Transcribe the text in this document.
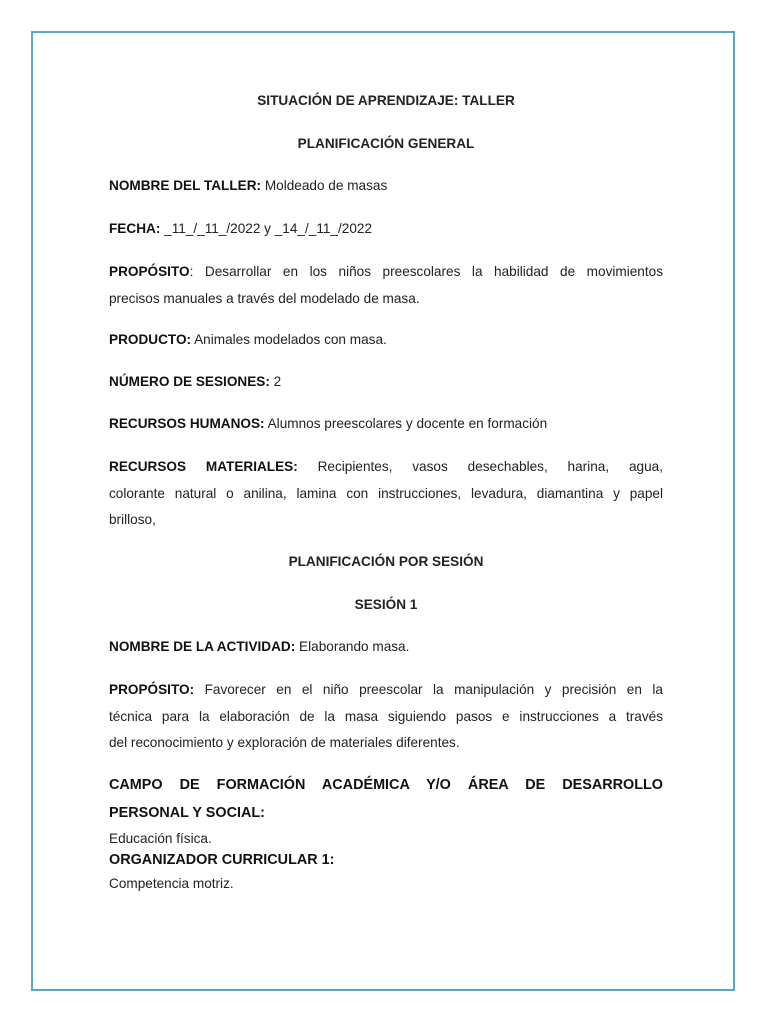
SITUACIÓN DE APRENDIZAJE: TALLER
PLANIFICACIÓN GENERAL
NOMBRE DEL TALLER: Moldeado de masas
FECHA: _11_/_11_/2022 y _14_/_11_/2022
PROPÓSITO: Desarrollar en los niños preescolares la habilidad de movimientos
precisos manuales a través del modelado de masa.
PRODUCTO: Animales modelados con masa.
NÚMERO DE SESIONES: 2
RECURSOS HUMANOS: Alumnos preescolares y docente en formación
RECURSOS MATERIALES: Recipientes, vasos desechables, harina, agua,
colorante natural o anilina, lamina con instrucciones, levadura, diamantina y papel
brilloso,
PLANIFICACIÓN POR SESIÓN
SESIÓN 1
NOMBRE DE LA ACTIVIDAD: Elaborando masa.
PROPÓSITO: Favorecer en el niño preescolar la manipulación y precisión en la
técnica para la elaboración de la masa siguiendo pasos e instrucciones a través
del reconocimiento y exploración de materiales diferentes.
CAMPO DE FORMACIÓN ACADÉMICA Y/O ÁREA DE DESARROLLO
PERSONAL Y SOCIAL:
Educación física.
ORGANIZADOR CURRICULAR 1:
Competencia motriz.
